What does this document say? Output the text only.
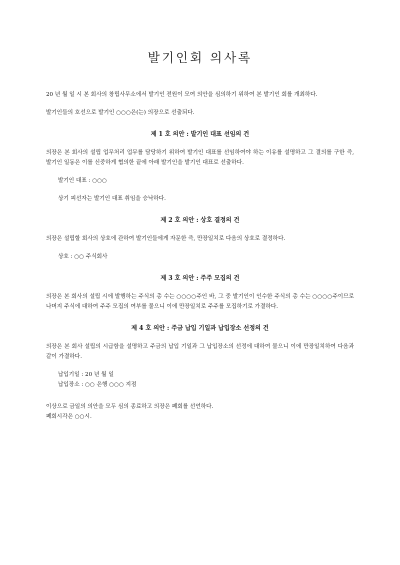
발기인회 의사록

20 년 월 일 시 본 회사의 창립사무소에서 발기인 전원이 모여 의안을 심의하기 위하여 본 발기인 회를 개최하다.

발기인들의 호선으로 발기인 ○○○은(는) 의장으로 선출되다.

제 1 호 의안 : 발기인 대표 선임의 건

의장은 본 회사의 설립 업무처리 업무를 담당하기 위하여 발기인 대표를 선임하여야 하는 이유를 설명하고 그 결의를 구한 즉, 발기인 일동은 이를 신중하게 협의한 끝에 아래 발기인을 발기인 대표로 선출하다.

발기인 대표 : ○○○

상기 피선자는 발기인 대표 취임을 승낙하다.

제 2 호 의안 : 상호 결정의 건

의장은 설립할 회사의 상호에 관하여 발기인들에게 자문한 즉, 만장일치로 다음의 상호로 결정하다.

상호 : ○○ 주식회사

제 3 호 의안 : 주주 모집의 건

의장은 본 회사의 설립 시에 발행하는 주식의 총 수는 ○○○○주인 바, 그 중 발기인이 인수한 주식의 총 수는 ○○○○주이므로 나머지 주식에 대하여 주주 모집의 여부를 물으니 이에 만장일치로 주주를 모집하기로 가결하다.

제 4 호 의안 : 주금 납입 기일과 납입장소 선정의 건

의장은 본 회사 설립의 시급함을 설명하고 주금의 납입 기일과 그 납입장소의 선정에 대하여 물으니 이에 만장일치하여 다음과 같이 가결하다.

납입기일 : 20 년 월 일

납입장소 : ○○ 은행 ○○○ 지점

이상으로 금일의 의안을 모두 심의 종료하고 의장은 폐회를 선언하다.

폐회시각은 ○○시.
